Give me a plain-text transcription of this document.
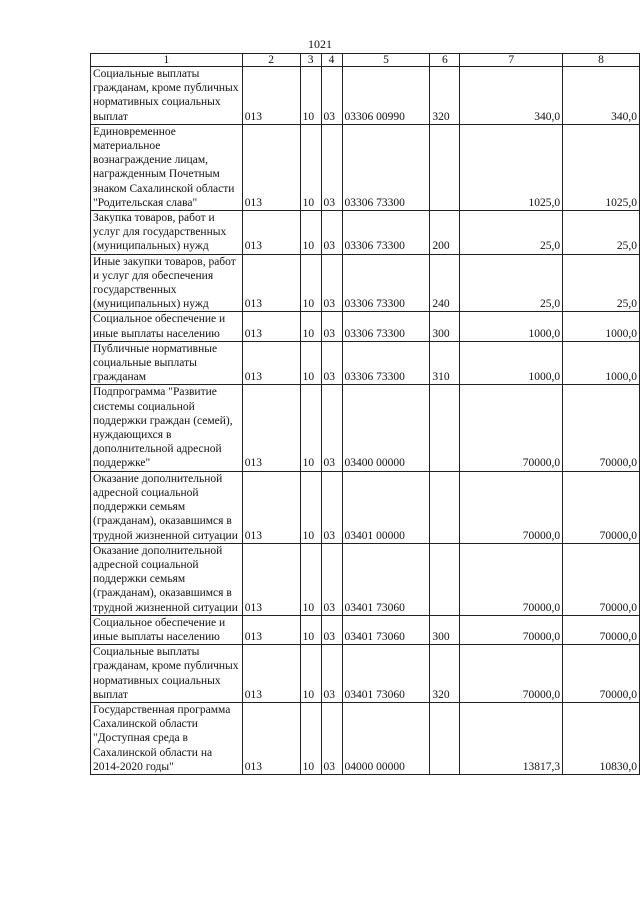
1021
1	2	3	4	5	6	7	8
Социальные выплаты гражданам, кроме публичных нормативных социальных выплат	013	10	03	03306 00990	320	340,0	340,0
Единовременное материальное вознаграждение лицам, награжденным Почетным знаком Сахалинской области "Родительская слава"	013	10	03	03306 73300		1025,0	1025,0
Закупка товаров, работ и услуг для государственных (муниципальных) нужд	013	10	03	03306 73300	200	25,0	25,0
Иные закупки товаров, работ и услуг для обеспечения государственных (муниципальных) нужд	013	10	03	03306 73300	240	25,0	25,0
Социальное обеспечение и иные выплаты населению	013	10	03	03306 73300	300	1000,0	1000,0
Публичные нормативные социальные выплаты гражданам	013	10	03	03306 73300	310	1000,0	1000,0
Подпрограмма "Развитие системы социальной поддержки граждан (семей), нуждающихся в дополнительной адресной поддержке"	013	10	03	03400 00000		70000,0	70000,0
Оказание дополнительной адресной социальной поддержки семьям (гражданам), оказавшимся в трудной жизненной ситуации	013	10	03	03401 00000		70000,0	70000,0
Оказание дополнительной адресной социальной поддержки семьям (гражданам), оказавшимся в трудной жизненной ситуации	013	10	03	03401 73060		70000,0	70000,0
Социальное обеспечение и иные выплаты населению	013	10	03	03401 73060	300	70000,0	70000,0
Социальные выплаты гражданам, кроме публичных нормативных социальных выплат	013	10	03	03401 73060	320	70000,0	70000,0
Государственная программа Сахалинской области "Доступная среда в Сахалинской области на 2014-2020 годы"	013	10	03	04000 00000		13817,3	10830,0
